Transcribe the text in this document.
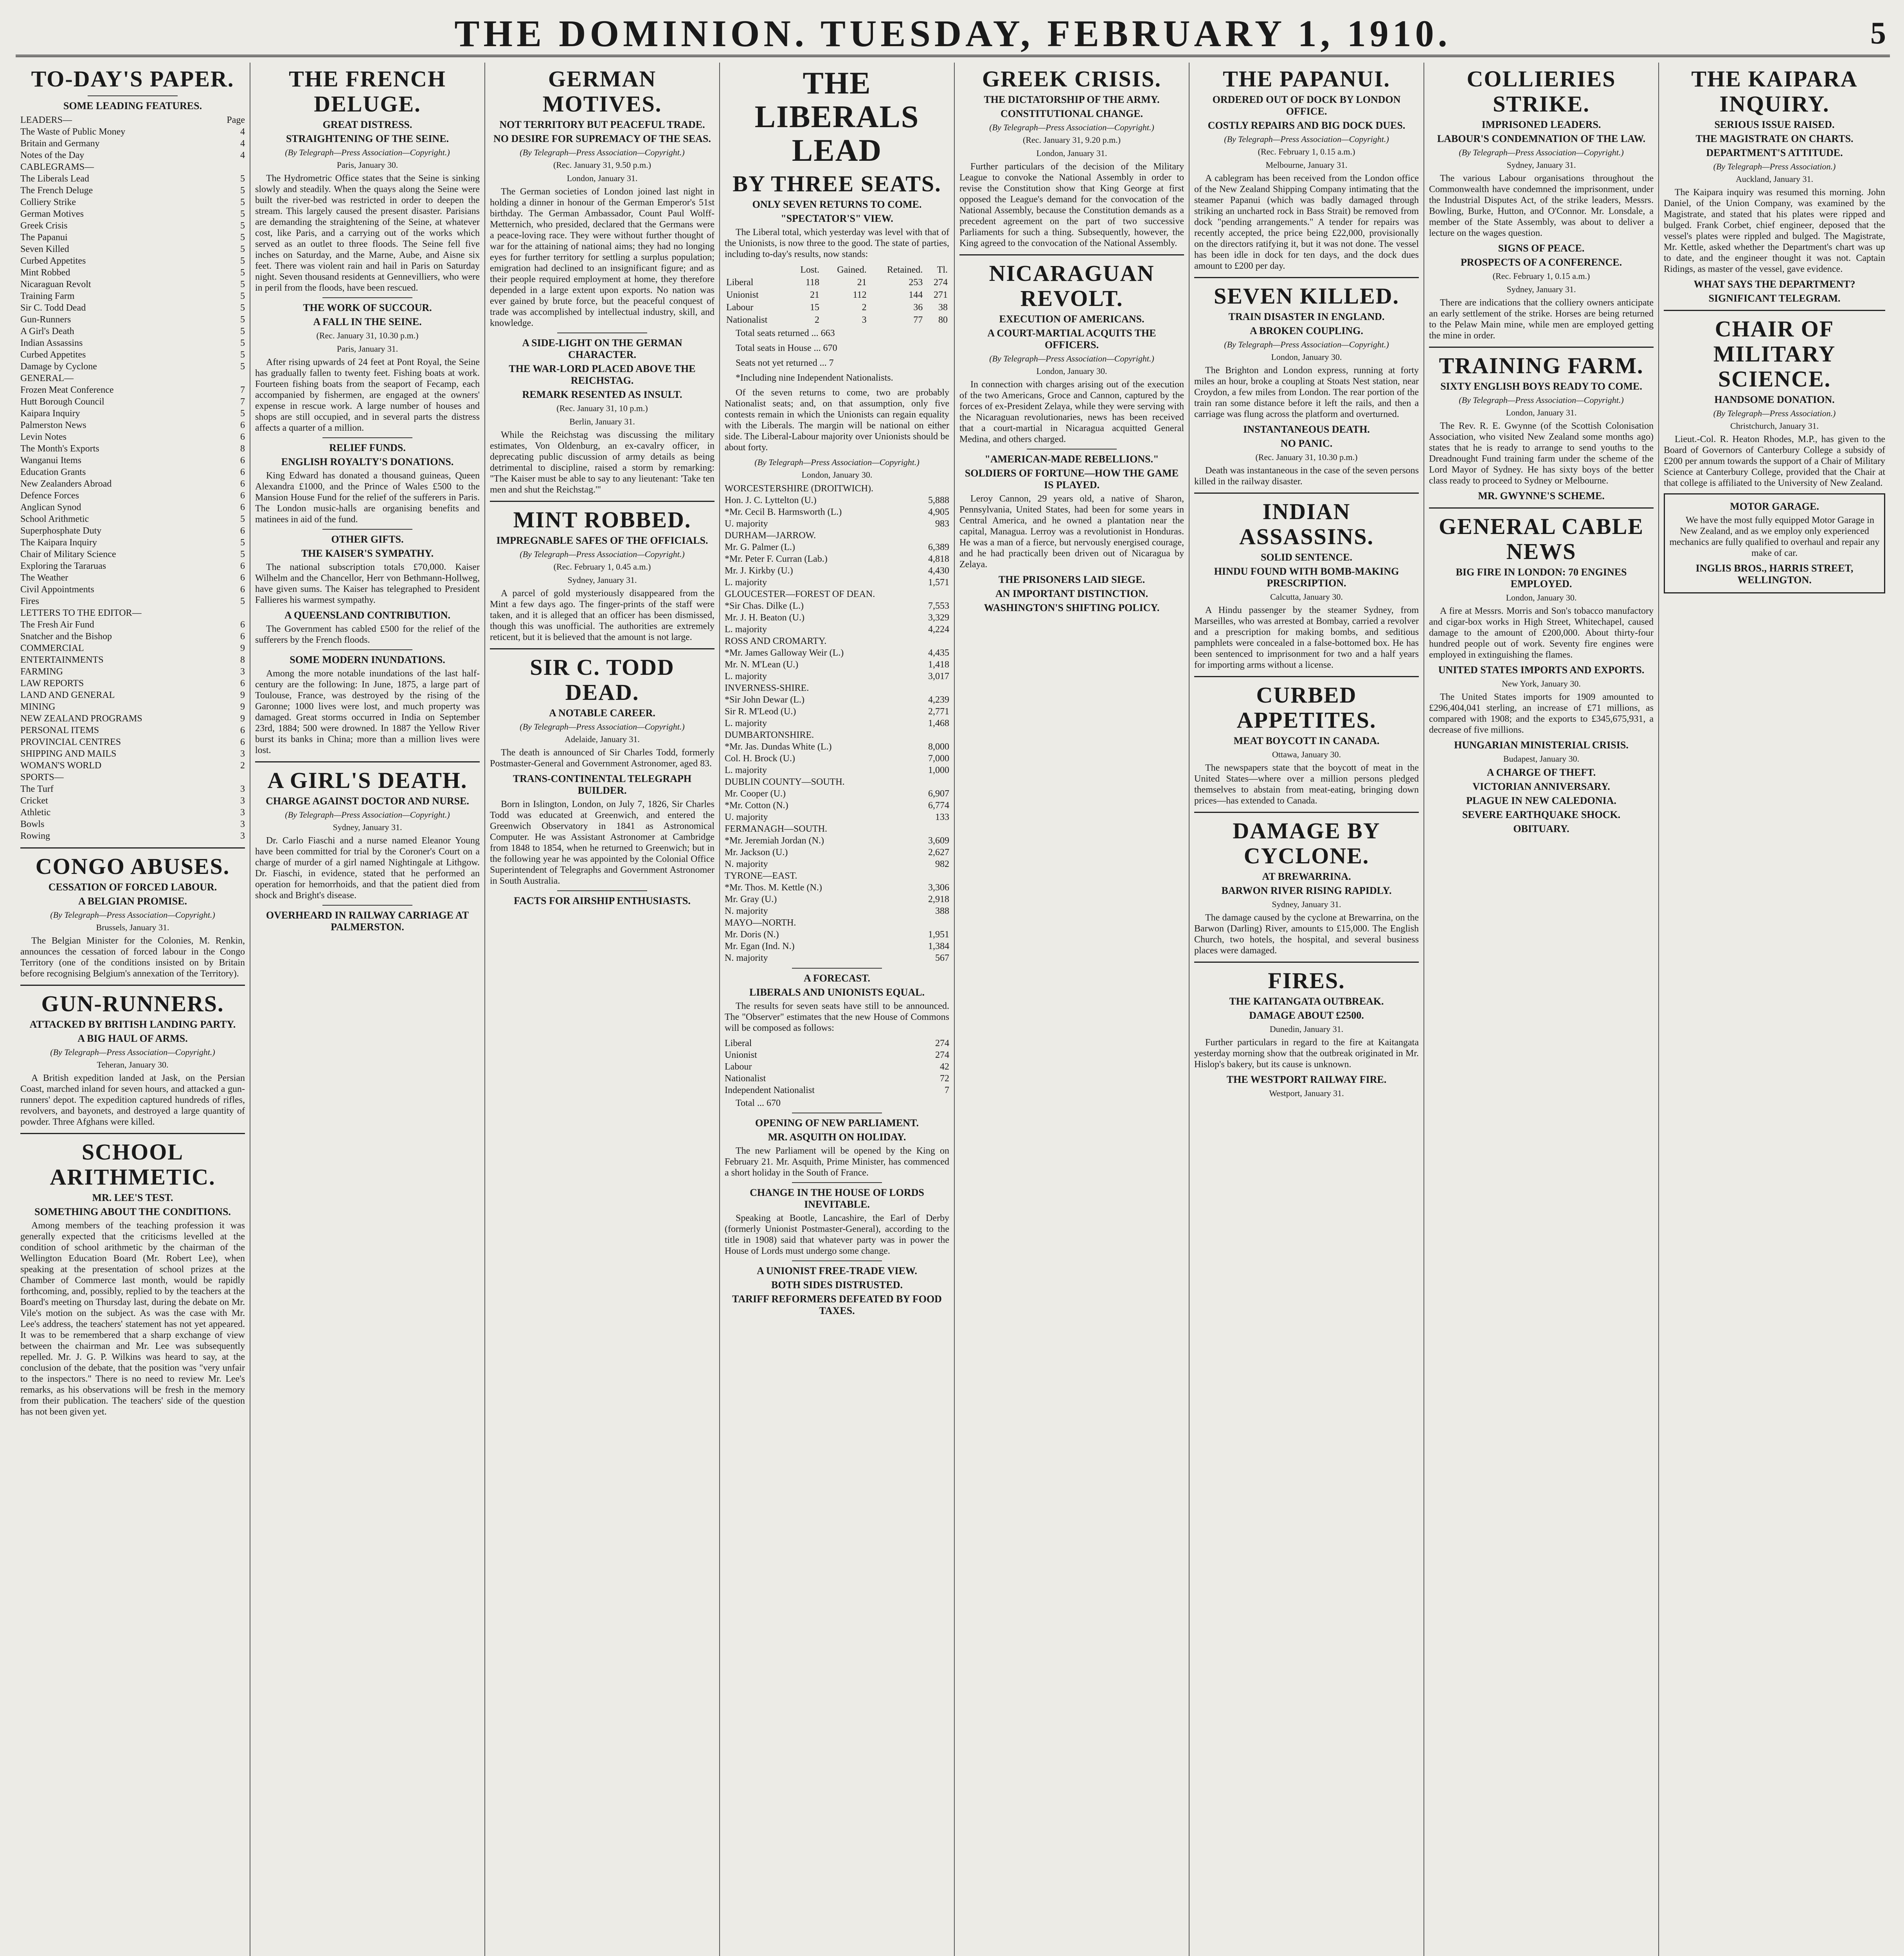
THE DOMINION. TUESDAY, FEBRUARY 1, 1910.	5
TO-DAY'S PAPER.
SOME LEADING FEATURES.
LEADERS—	Page
The Waste of Public Money	4
Britain and Germany	4
Notes of the Day	4
CABLEGRAMS—
The Liberals Lead	5
The French Deluge	5
Colliery Strike	5
German Motives	5
Greek Crisis	5
The Papanui	5
Seven Killed	5
Curbed Appetites	5
Mint Robbed	5
Nicaraguan Revolt	5
Training Farm	5
Sir C. Todd Dead	5
Gun-Runners	5
A Girl's Death	5
Indian Assassins	5
Curbed Appetites	5
Damage by Cyclone	5
GENERAL—
Frozen Meat Conference	7
Hutt Borough Council	7
Kaipara Inquiry	5
Palmerston News	6
Levin Notes	6
The Month's Exports	8
Wanganui Items	6
Education Grants	6
New Zealanders Abroad	6
Defence Forces	6
Anglican Synod	6
School Arithmetic	5
Superphosphate Duty	6
The Kaipara Inquiry	5
Chair of Military Science	5
Exploring the Tararuas	6
The Weather	6
Civil Appointments	6
Fires	5
LETTERS TO THE EDITOR—
The Fresh Air Fund	6
Snatcher and the Bishop	6
COMMERCIAL	9
ENTERTAINMENTS	8
FARMING	3
LAW REPORTS	6
LAND AND GENERAL	9
MINING	9
NEW ZEALAND PROGRAMS	9
PERSONAL ITEMS	6
PROVINCIAL CENTRES	6
SHIPPING AND MAILS	3
WOMAN'S WORLD	2
SPORTS—
The Turf	3
Cricket	3
Athletic	3
Bowls	3
Rowing	3
CONGO ABUSES.
CESSATION OF FORCED LABOUR.
A BELGIAN PROMISE.
(By Telegraph—Press Association—Copyright.)
Brussels, January 31.
The Belgian Minister for the Colonies, M. Renkin, announces the cessation of forced labour in the Congo Territory (one of the conditions insisted on by Britain before recognising Belgium's annexation of the Territory).
GUN-RUNNERS.
ATTACKED BY BRITISH LANDING PARTY.
A BIG HAUL OF ARMS.
(By Telegraph—Press Association—Copyright.)
Teheran, January 30.
A British expedition landed at Jask, on the Persian Coast, marched inland for seven hours, and attacked a gun-runners' depot. The expedition captured hundreds of rifles, revolvers, and bayonets, and destroyed a large quantity of powder. Three Afghans were killed.
SCHOOL ARITHMETIC.
MR. LEE'S TEST.
SOMETHING ABOUT THE CONDITIONS.
Among members of the teaching profession it was generally expected that the criticisms levelled at the condition of school arithmetic by the chairman of the Wellington Education Board (Mr. Robert Lee), when speaking at the presentation of school prizes at the Chamber of Commerce last month, would be rapidly forthcoming, and, possibly, replied to by the teachers at the Board's meeting on Thursday last, during the debate on Mr. Vile's motion on the subject. As was the case with Mr. Lee's address, the teachers' statement has not yet appeared. It was to be remembered that a sharp exchange of view between the chairman and Mr. Lee was subsequently repelled. Mr. J. G. P. Wilkins was heard to say, at the conclusion of the debate, that the position was "very unfair to the inspectors." There is no need to review Mr. Lee's remarks, as his observations will be fresh in the memory from their publication. The teachers' side of the question has not been given yet.
THE FRENCH DELUGE.
GREAT DISTRESS.
STRAIGHTENING OF THE SEINE.
(By Telegraph—Press Association—Copyright.)
Paris, January 30.
The Hydrometric Office states that the Seine is sinking slowly and steadily. When the quays along the Seine were built the river-bed was restricted in order to deepen the stream. This largely caused the present disaster. Parisians are demanding the straightening of the Seine, at whatever cost, like Paris, and a carrying out of the works which served as an outlet to three floods. The Seine fell five inches on Saturday, and the Marne, Aube, and Aisne six feet. There was violent rain and hail in Paris on Saturday night. Seven thousand residents at Gennevilliers, who were in peril from the floods, have been rescued.
THE WORK OF SUCCOUR.
A FALL IN THE SEINE.
(Rec. January 31, 10.30 p.m.)
Paris, January 31.
After rising upwards of 24 feet at Pont Royal, the Seine has gradually fallen to twenty feet. Fishing boats at work. Fourteen fishing boats from the seaport of Fecamp, each accompanied by fishermen, are engaged at the owners' expense in rescue work. A large number of houses and shops are still occupied, and in several parts the distress affects a quarter of a million.
RELIEF FUNDS.
ENGLISH ROYALTY'S DONATIONS.
King Edward has donated a thousand guineas, Queen Alexandra £1000, and the Prince of Wales £500 to the Mansion House Fund for the relief of the sufferers in Paris. The London music-halls are organising benefits and matinees in aid of the fund.
OTHER GIFTS.
THE KAISER'S SYMPATHY.
The national subscription totals £70,000. Kaiser Wilhelm and the Chancellor, Herr von Bethmann-Hollweg, have given sums. The Kaiser has telegraphed to President Fallieres his warmest sympathy.
A QUEENSLAND CONTRIBUTION.
The Government has cabled £500 for the relief of the sufferers by the French floods.
SOME MODERN INUNDATIONS.
Among the more notable inundations of the last half-century are the following: In June, 1875, a large part of Toulouse, France, was destroyed by the rising of the Garonne; 1000 lives were lost, and much property was damaged. Great storms occurred in India on September 23rd, 1884; 500 were drowned. In 1887 the Yellow River burst its banks in China; more than a million lives were lost.
A GIRL'S DEATH.
CHARGE AGAINST DOCTOR AND NURSE.
(By Telegraph—Press Association—Copyright.)
Sydney, January 31.
Dr. Carlo Fiaschi and a nurse named Eleanor Young have been committed for trial by the Coroner's Court on a charge of murder of a girl named Nightingale at Lithgow. Dr. Fiaschi, in evidence, stated that he performed an operation for hemorrhoids, and that the patient died from shock and Bright's disease.
OVERHEARD IN RAILWAY CARRIAGE AT PALMERSTON.
GERMAN MOTIVES.
NOT TERRITORY BUT PEACEFUL TRADE.
NO DESIRE FOR SUPREMACY OF THE SEAS.
(By Telegraph—Press Association—Copyright.)
(Rec. January 31, 9.50 p.m.)
London, January 31.
The German societies of London joined last night in holding a dinner in honour of the German Emperor's 51st birthday. The German Ambassador, Count Paul Wolff-Metternich, who presided, declared that the Germans were a peace-loving race. They were without further thought of war for the attaining of national aims; they had no longing eyes for further territory for settling a surplus population; emigration had declined to an insignificant figure; and as their people required employment at home, they therefore depended in a large extent upon exports. No nation was ever gained by brute force, but the peaceful conquest of trade was accomplished by intellectual industry, skill, and knowledge.
A SIDE-LIGHT ON THE GERMAN CHARACTER.
THE WAR-LORD PLACED ABOVE THE REICHSTAG.
REMARK RESENTED AS INSULT.
(Rec. January 31, 10 p.m.)
Berlin, January 31.
While the Reichstag was discussing the military estimates, Von Oldenburg, an ex-cavalry officer, in deprecating public discussion of army details as being detrimental to discipline, raised a storm by remarking: "The Kaiser must be able to say to any lieutenant: 'Take ten men and shut the Reichstag.'"
MINT ROBBED.
IMPREGNABLE SAFES OF THE OFFICIALS.
(By Telegraph—Press Association—Copyright.)
(Rec. February 1, 0.45 a.m.)
Sydney, January 31.
A parcel of gold mysteriously disappeared from the Mint a few days ago. The finger-prints of the staff were taken, and it is alleged that an officer has been dismissed, though this was unofficial. The authorities are extremely reticent, but it is believed that the amount is not large.
SIR C. TODD DEAD.
A NOTABLE CAREER.
(By Telegraph—Press Association—Copyright.)
Adelaide, January 31.
The death is announced of Sir Charles Todd, formerly Postmaster-General and Government Astronomer, aged 83.
TRANS-CONTINENTAL TELEGRAPH BUILDER.
Born in Islington, London, on July 7, 1826, Sir Charles Todd was educated at Greenwich, and entered the Greenwich Observatory in 1841 as Astronomical Computer. He was Assistant Astronomer at Cambridge from 1848 to 1854, when he returned to Greenwich; but in the following year he was appointed by the Colonial Office Superintendent of Telegraphs and Government Astronomer in South Australia.
FACTS FOR AIRSHIP ENTHUSIASTS.
THE LIBERALS LEAD
BY THREE SEATS.
ONLY SEVEN RETURNS TO COME.
"SPECTATOR'S" VIEW.
The Liberal total, which yesterday was level with that of the Unionists, is now three to the good. The state of parties, including to-day's results, now stands:
	Lost.	Gained.	Retained.	Tl.
Liberal	118	21	253	274
Unionist	21	112	144	271
Labour	15	2	36	38
Nationalist	2	3	77	80
Total seats returned ... 663
Total seats in House ... 670
Seats not yet returned ... 7
*Including nine Independent Nationalists.
Of the seven returns to come, two are probably Nationalist seats; and, on that assumption, only five contests remain in which the Unionists can regain equality with the Liberals. The margin will be national on either side. The Liberal-Labour majority over Unionists should be about forty.
(By Telegraph—Press Association—Copyright.)
London, January 30.
WORCESTERSHIRE (DROITWICH).
Hon. J. C. Lyttelton (U.)	5,888
*Mr. Cecil B. Harmsworth (L.)	4,905
U. majority	983
DURHAM—JARROW.
Mr. G. Palmer (L.)	6,389
*Mr. Peter F. Curran (Lab.)	4,818
Mr. J. Kirkby (U.)	4,430
L. majority	1,571
GLOUCESTER—FOREST OF DEAN.
*Sir Chas. Dilke (L.)	7,553
Mr. J. H. Beaton (U.)	3,329
L. majority	4,224
ROSS AND CROMARTY.
*Mr. James Galloway Weir (L.)	4,435
Mr. N. M'Lean (U.)	1,418
L. majority	3,017
INVERNESS-SHIRE.
*Sir John Dewar (L.)	4,239
Sir R. M'Leod (U.)	2,771
L. majority	1,468
DUMBARTONSHIRE.
*Mr. Jas. Dundas White (L.)	8,000
Col. H. Brock (U.)	7,000
L. majority	1,000
DUBLIN COUNTY—SOUTH.
Mr. Cooper (U.)	6,907
*Mr. Cotton (N.)	6,774
U. majority	133
FERMANAGH—SOUTH.
*Mr. Jeremiah Jordan (N.)	3,609
Mr. Jackson (U.)	2,627
N. majority	982
TYRONE—EAST.
*Mr. Thos. M. Kettle (N.)	3,306
Mr. Gray (U.)	2,918
N. majority	388
MAYO—NORTH.
Mr. Doris (N.)	1,951
Mr. Egan (Ind. N.)	1,384
N. majority	567
A FORECAST.
LIBERALS AND UNIONISTS EQUAL.
The results for seven seats have still to be announced. The "Observer" estimates that the new House of Commons will be composed as follows:
Liberal	274
Unionist	274
Labour	42
Nationalist	72
Independent Nationalist	7
Total ... 670
OPENING OF NEW PARLIAMENT.
MR. ASQUITH ON HOLIDAY.
The new Parliament will be opened by the King on February 21. Mr. Asquith, Prime Minister, has commenced a short holiday in the South of France.
CHANGE IN THE HOUSE OF LORDS INEVITABLE.
Speaking at Bootle, Lancashire, the Earl of Derby (formerly Unionist Postmaster-General), according to the title in 1908) said that whatever party was in power the House of Lords must undergo some change.
A UNIONIST FREE-TRADE VIEW.
BOTH SIDES DISTRUSTED.
TARIFF REFORMERS DEFEATED BY FOOD TAXES.
GREEK CRISIS.
THE DICTATORSHIP OF THE ARMY.
CONSTITUTIONAL CHANGE.
(By Telegraph—Press Association—Copyright.)
(Rec. January 31, 9.20 p.m.)
London, January 31.
Further particulars of the decision of the Military League to convoke the National Assembly in order to revise the Constitution show that King George at first opposed the League's demand for the convocation of the National Assembly, because the Constitution demands as a precedent agreement on the part of two successive Parliaments for such a thing. Subsequently, however, the King agreed to the convocation of the National Assembly.
NICARAGUAN REVOLT.
EXECUTION OF AMERICANS.
A COURT-MARTIAL ACQUITS THE OFFICERS.
(By Telegraph—Press Association—Copyright.)
London, January 30.
In connection with charges arising out of the execution of the two Americans, Groce and Cannon, captured by the forces of ex-President Zelaya, while they were serving with the Nicaraguan revolutionaries, news has been received that a court-martial in Nicaragua acquitted General Medina, and others charged.
"AMERICAN-MADE REBELLIONS."
SOLDIERS OF FORTUNE—HOW THE GAME IS PLAYED.
Leroy Cannon, 29 years old, a native of Sharon, Pennsylvania, United States, had been for some years in Central America, and he owned a plantation near the capital, Managua. Lerroy was a revolutionist in Honduras. He was a man of a fierce, but nervously energised courage, and he had practically been driven out of Nicaragua by Zelaya.
THE PRISONERS LAID SIEGE.
AN IMPORTANT DISTINCTION.
WASHINGTON'S SHIFTING POLICY.
THE PAPANUI.
ORDERED OUT OF DOCK BY LONDON OFFICE.
COSTLY REPAIRS AND BIG DOCK DUES.
(By Telegraph—Press Association—Copyright.)
(Rec. February 1, 0.15 a.m.)
Melbourne, January 31.
A cablegram has been received from the London office of the New Zealand Shipping Company intimating that the steamer Papanui (which was badly damaged through striking an uncharted rock in Bass Strait) be removed from dock "pending arrangements." A tender for repairs was recently accepted, the price being £22,000, provisionally on the directors ratifying it, but it was not done. The vessel has been idle in dock for ten days, and the dock dues amount to £200 per day.
SEVEN KILLED.
TRAIN DISASTER IN ENGLAND.
A BROKEN COUPLING.
(By Telegraph—Press Association—Copyright.)
London, January 30.
The Brighton and London express, running at forty miles an hour, broke a coupling at Stoats Nest station, near Croydon, a few miles from London. The rear portion of the train ran some distance before it left the rails, and then a carriage was flung across the platform and overturned.
INSTANTANEOUS DEATH.
NO PANIC.
(Rec. January 31, 10.30 p.m.)
Death was instantaneous in the case of the seven persons killed in the railway disaster.
INDIAN ASSASSINS.
SOLID SENTENCE.
HINDU FOUND WITH BOMB-MAKING PRESCRIPTION.
Calcutta, January 30.
A Hindu passenger by the steamer Sydney, from Marseilles, who was arrested at Bombay, carried a revolver and a prescription for making bombs, and seditious pamphlets were concealed in a false-bottomed box. He has been sentenced to imprisonment for two and a half years for importing arms without a license.
CURBED APPETITES.
MEAT BOYCOTT IN CANADA.
Ottawa, January 30.
The newspapers state that the boycott of meat in the United States—where over a million persons pledged themselves to abstain from meat-eating, bringing down prices—has extended to Canada.
DAMAGE BY CYCLONE.
AT BREWARRINA.
BARWON RIVER RISING RAPIDLY.
Sydney, January 31.
The damage caused by the cyclone at Brewarrina, on the Barwon (Darling) River, amounts to £15,000. The English Church, two hotels, the hospital, and several business places were damaged.
FIRES.
THE KAITANGATA OUTBREAK.
DAMAGE ABOUT £2500.
Dunedin, January 31.
Further particulars in regard to the fire at Kaitangata yesterday morning show that the outbreak originated in Mr. Hislop's bakery, but its cause is unknown.
THE WESTPORT RAILWAY FIRE.
Westport, January 31.
COLLIERIES STRIKE.
IMPRISONED LEADERS.
LABOUR'S CONDEMNATION OF THE LAW.
(By Telegraph—Press Association—Copyright.)
Sydney, January 31.
The various Labour organisations throughout the Commonwealth have condemned the imprisonment, under the Industrial Disputes Act, of the strike leaders, Messrs. Bowling, Burke, Hutton, and O'Connor. Mr. Lonsdale, a member of the State Assembly, was about to deliver a lecture on the wages question.
SIGNS OF PEACE.
PROSPECTS OF A CONFERENCE.
(Rec. February 1, 0.15 a.m.)
Sydney, January 31.
There are indications that the colliery owners anticipate an early settlement of the strike. Horses are being returned to the Pelaw Main mine, while men are employed getting the mine in order.
TRAINING FARM.
SIXTY ENGLISH BOYS READY TO COME.
(By Telegraph—Press Association—Copyright.)
London, January 31.
The Rev. R. E. Gwynne (of the Scottish Colonisation Association, who visited New Zealand some months ago) states that he is ready to arrange to send youths to the Dreadnought Fund training farm under the scheme of the Lord Mayor of Sydney. He has sixty boys of the better class ready to proceed to Sydney or Melbourne.
MR. GWYNNE'S SCHEME.
GENERAL CABLE NEWS
BIG FIRE IN LONDON: 70 ENGINES EMPLOYED.
London, January 30.
A fire at Messrs. Morris and Son's tobacco manufactory and cigar-box works in High Street, Whitechapel, caused damage to the amount of £200,000. About thirty-four hundred people out of work. Seventy fire engines were employed in extinguishing the flames.
UNITED STATES IMPORTS AND EXPORTS.
New York, January 30.
The United States imports for 1909 amounted to £296,404,041 sterling, an increase of £71 millions, as compared with 1908; and the exports to £345,675,931, a decrease of five millions.
HUNGARIAN MINISTERIAL CRISIS.
Budapest, January 30.
A CHARGE OF THEFT.
VICTORIAN ANNIVERSARY.
PLAGUE IN NEW CALEDONIA.
SEVERE EARTHQUAKE SHOCK.
OBITUARY.
THE KAIPARA INQUIRY.
SERIOUS ISSUE RAISED.
THE MAGISTRATE ON CHARTS.
DEPARTMENT'S ATTITUDE.
(By Telegraph—Press Association.)
Auckland, January 31.
The Kaipara inquiry was resumed this morning. John Daniel, of the Union Company, was examined by the Magistrate, and stated that his plates were ripped and bulged. Frank Corbet, chief engineer, deposed that the vessel's plates were rippled and bulged. The Magistrate, Mr. Kettle, asked whether the Department's chart was up to date, and the engineer thought it was not. Captain Ridings, as master of the vessel, gave evidence.
WHAT SAYS THE DEPARTMENT?
SIGNIFICANT TELEGRAM.
CHAIR OF MILITARY SCIENCE.
HANDSOME DONATION.
(By Telegraph—Press Association.)
Christchurch, January 31.
Lieut.-Col. R. Heaton Rhodes, M.P., has given to the Board of Governors of Canterbury College a subsidy of £200 per annum towards the support of a Chair of Military Science at Canterbury College, provided that the Chair at that college is affiliated to the University of New Zealand.
MOTOR GARAGE.
We have the most fully equipped Motor Garage in New Zealand, and as we employ only experienced mechanics are fully qualified to overhaul and repair any make of car.
INGLIS BROS., HARRIS STREET, WELLINGTON.
